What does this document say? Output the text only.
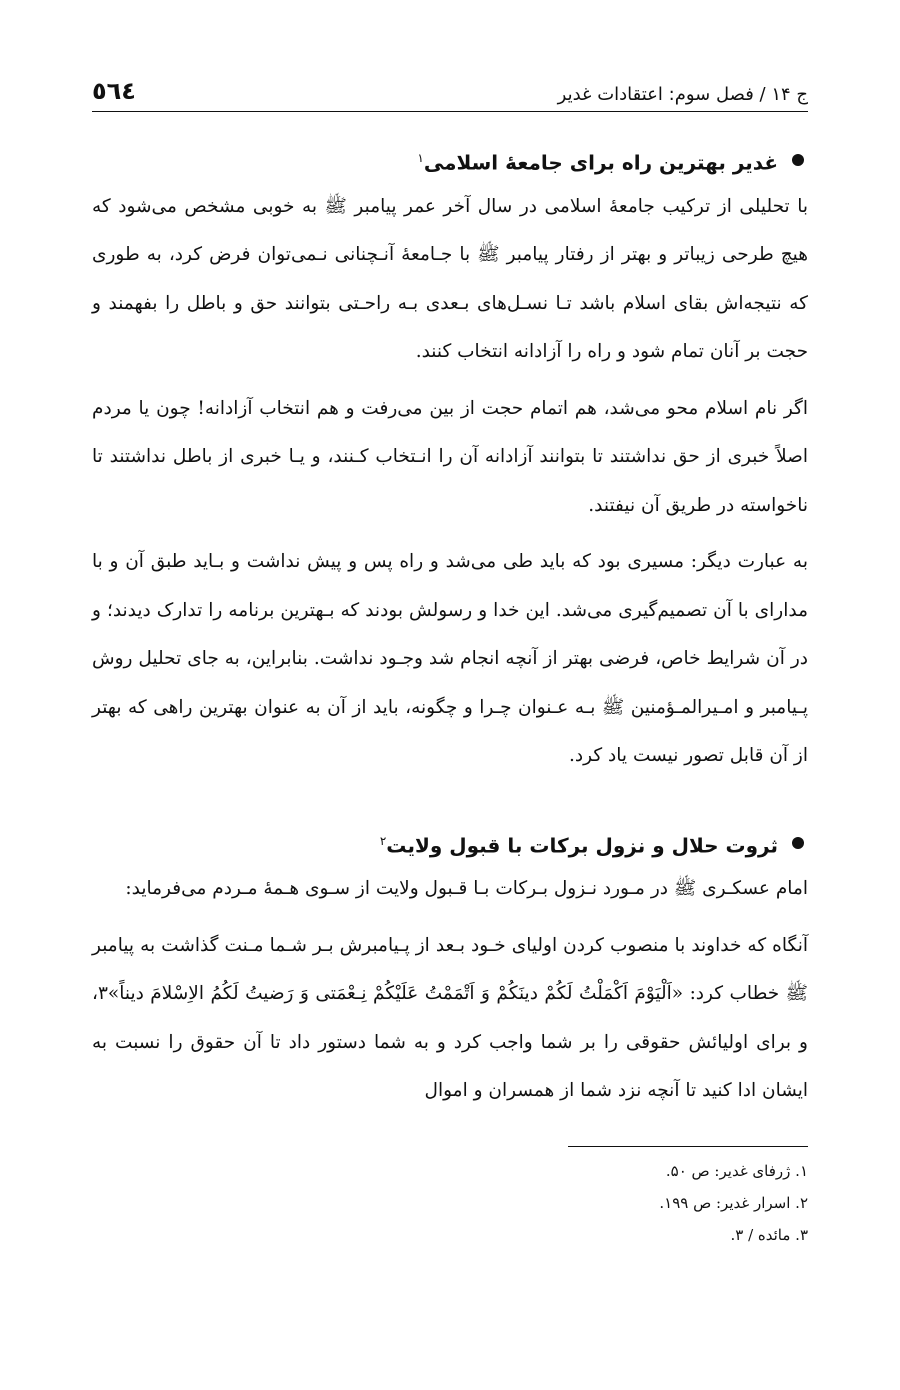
ج ۱۴ / فصل سوم: اعتقادات غدیر
٥٦٤
غدیر بهترین راه برای جامعۀ اسلامی$^۱$

با تحلیلی از ترکیب جامعۀ اسلامی در سال آخر عمر پیامبر ﷺ به خوبی مشخص می‌شود که هیچ طرحی زیباتر و بهتر از رفتار پیامبر ﷺ با جـامعۀ آنـچنانی نـمی‌توان فرض کرد، به طوری که نتیجه‌اش بقای اسلام باشد تـا نسـل‌های بـعدی بـه راحـتی بتوانند حق و باطل را بفهمند و حجت بر آنان تمام شود و راه را آزادانه انتخاب کنند.

اگر نام اسلام محو می‌شد، هم اتمام حجت از بین می‌رفت و هم انتخاب آزادانه! چون یا مردم اصلاً خبری از حق نداشتند تا بتوانند آزادانه آن را انـتخاب کـنند، و یـا خبری از باطل نداشتند تا ناخواسته در طریق آن نیفتند.

به عبارت دیگر: مسیری بود که باید طی می‌شد و راه پس و پیش نداشت و بـاید طبق آن و با مدارای با آن تصمیم‌گیری می‌شد. این خدا و رسولش بودند که بـهترین برنامه را تدارک دیدند؛ و در آن شرایط خاص، فرضی بهتر از آنچه انجام شد وجـود نداشت. بنابراین، به جای تحلیل روش پـیامبر و امـیرالمـؤمنین ﷺ بـه عـنوان چـرا و چگونه، باید از آن به عنوان بهترین راهی که بهتر از آن قابل تصور نیست یاد کرد.

ثروت حلال و نزول برکات با قبول ولایت$^۲$

امام عسکـری ﷺ در مـورد نـزول بـرکات بـا قـبول ولایت از سـوی هـمۀ مـردم می‌فرماید:

آنگاه که خداوند با منصوب کردن اولیای خـود بـعد از پـیامبرش بـر شـما مـنت گذاشت به پیامبر ﷺ خطاب کرد: «اَلْيَوْمَ اَکْمَلْتُ لَکُمْ دينَکُمْ وَ اَتْمَمْتُ عَلَيْکُمْ نِـعْمَتی وَ رَضيتُ لَکُمُ الاِسْلامَ ديناً»۳، و برای اولیائش حقوقی را بر شما واجب کرد و به شما دستور داد تا آن حقوق را نسبت به ایشان ادا کنید تا آنچه نزد شما از همسران و اموال

۱. ژرفای غدیر: ص ۵۰.

۲. اسرار غدیر: ص ۱۹۹.

۳. مائده / ۳.
